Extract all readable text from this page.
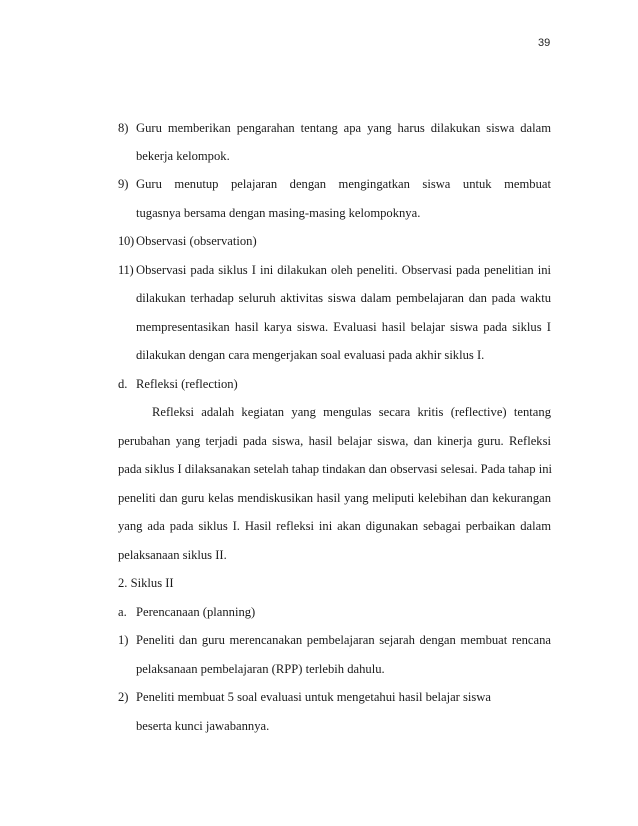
39
8) Guru memberikan pengarahan tentang apa yang harus dilakukan siswa dalam
bekerja kelompok.
9) Guru menutup pelajaran dengan mengingatkan siswa untuk membuat
tugasnya bersama dengan masing-masing kelompoknya.
10) Observasi (observation)
11) Observasi pada siklus I ini dilakukan oleh peneliti. Observasi pada penelitian ini
dilakukan terhadap seluruh aktivitas siswa dalam pembelajaran dan pada waktu
mempresentasikan hasil karya siswa. Evaluasi hasil belajar siswa pada siklus I
dilakukan dengan cara mengerjakan soal evaluasi pada akhir siklus I.
d. Refleksi (reflection)
Refleksi adalah kegiatan yang mengulas secara kritis (reflective) tentang
perubahan yang terjadi pada siswa, hasil belajar siswa, dan kinerja guru. Refleksi
pada siklus I dilaksanakan setelah tahap tindakan dan observasi selesai. Pada tahap ini
peneliti dan guru kelas mendiskusikan hasil yang meliputi kelebihan dan kekurangan
yang ada pada siklus I. Hasil refleksi ini akan digunakan sebagai perbaikan dalam
pelaksanaan siklus II.
2. Siklus II
a. Perencanaan (planning)
1) Peneliti dan guru merencanakan pembelajaran sejarah dengan membuat rencana
pelaksanaan pembelajaran (RPP) terlebih dahulu.
2) Peneliti membuat 5 soal evaluasi untuk mengetahui hasil belajar siswa
beserta kunci jawabannya.
